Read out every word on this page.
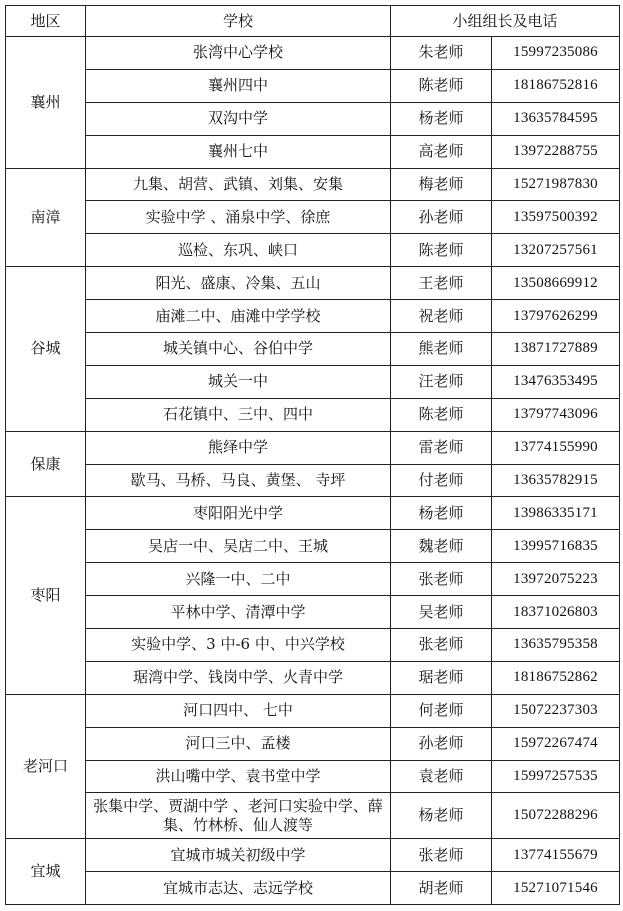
地区	学校	小组组长及电话	
襄州	张湾中心学校	朱老师	15997235086
	襄州四中	陈老师	18186752816
	双沟中学	杨老师	13635784595
	襄州七中	高老师	13972288755
南漳	九集、胡营、武镇、刘集、安集	梅老师	15271987830
	实验中学 、涌泉中学、徐庶	孙老师	13597500392
	巡检、东巩、峡口	陈老师	13207257561
谷城	阳光、盛康、冷集、五山	王老师	13508669912
	庙滩二中、庙滩中学学校	祝老师	13797626299
	城关镇中心、谷伯中学	熊老师	13871727889
	城关一中	汪老师	13476353495
	石花镇中、三中、四中	陈老师	13797743096
保康	熊绎中学	雷老师	13774155990
	歇马、马桥、马良、黄堡、 寺坪	付老师	13635782915
枣阳	枣阳阳光中学	杨老师	13986335171
	吴店一中、吴店二中、王城	魏老师	13995716835
	兴隆一中、二中	张老师	13972075223
	平林中学、清潭中学	吴老师	18371026803
	实验中学、3 中-6 中、中兴学校	张老师	13635795358
	琚湾中学、钱岗中学、火青中学	琚老师	18186752862
老河口	河口四中、 七中	何老师	15072237303
	河口三中、孟楼	孙老师	15972267474
	洪山嘴中学、袁书堂中学	袁老师	15997257535
	张集中学、贾湖中学 、老河口实验中学、薛集、竹林桥、仙人渡等	杨老师	15072288296
宜城	宜城市城关初级中学	张老师	13774155679
	宜城市志达、志远学校	胡老师	15271071546
